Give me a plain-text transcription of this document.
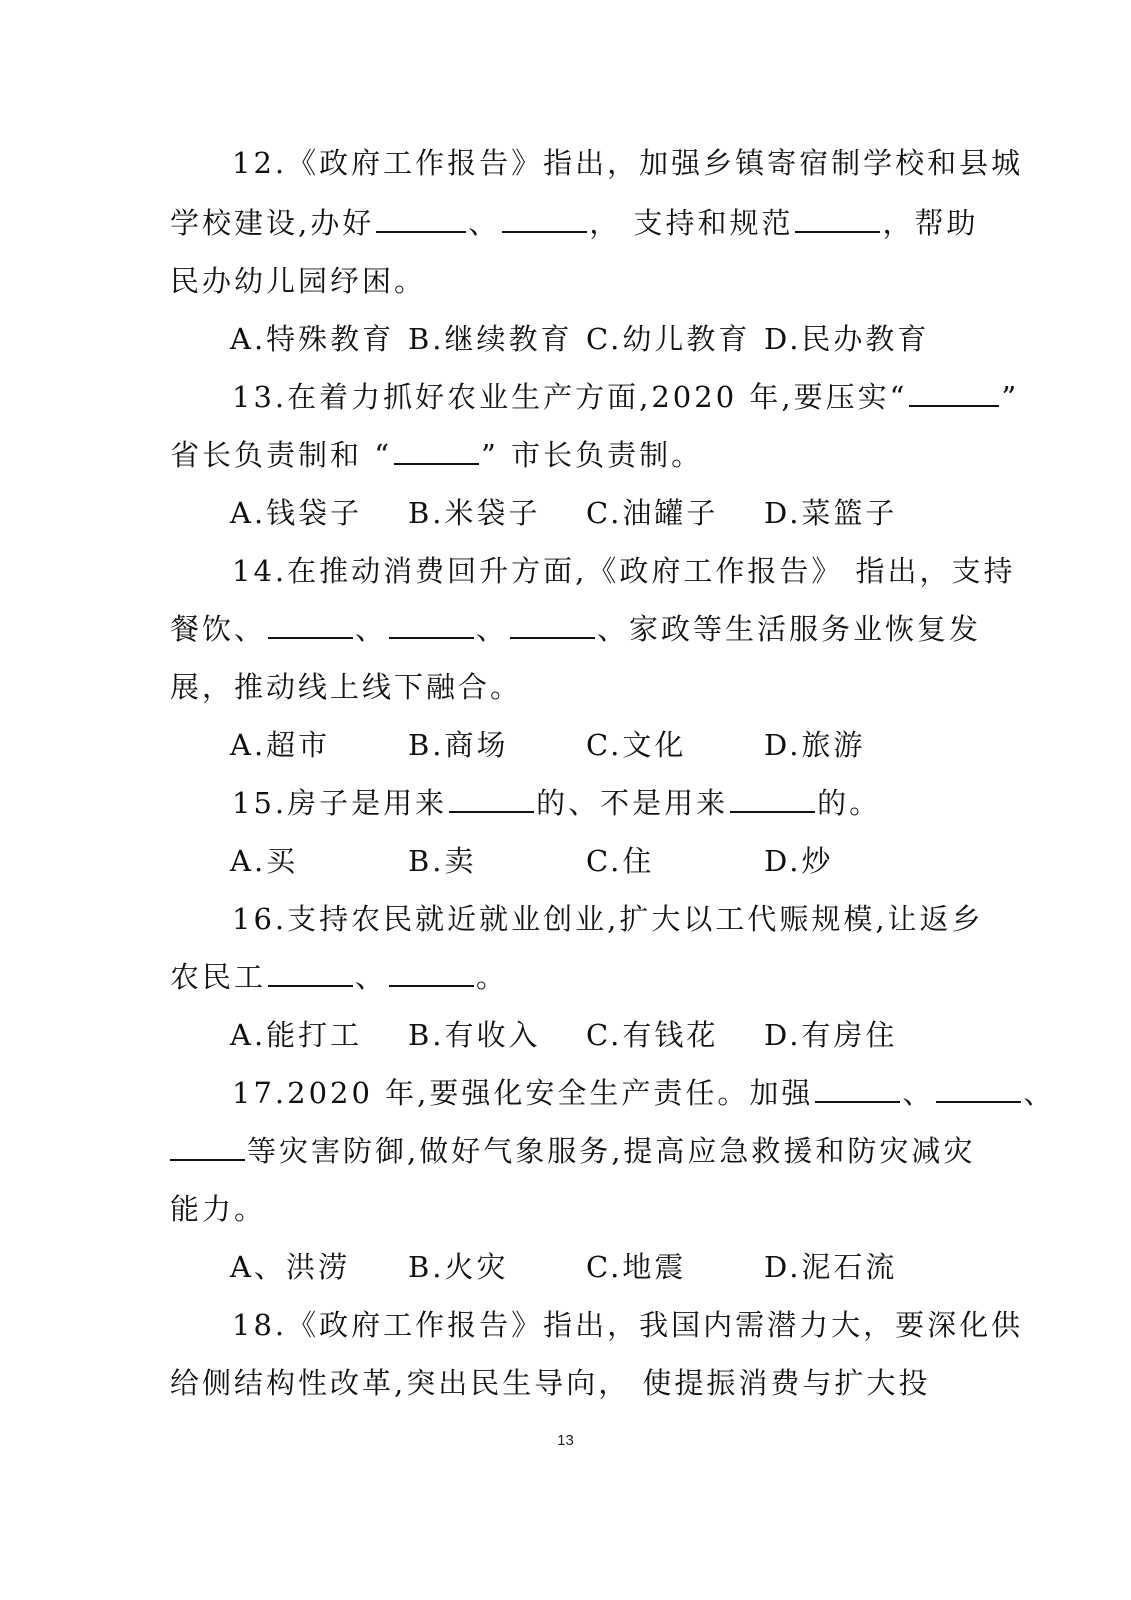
12.《政府工作报告》指出，加强乡镇寄宿制学校和县城
学校建设,办好	、	， 支持和规范	，帮助
民办幼儿园纾困。
A.特殊教育 B.继续教育 C.幼儿教育 D.民办教育
13.在着力抓好农业生产方面,2020 年,要压实“	”
省长负责制和 “	” 市长负责制。
A.钱袋子 B.米袋子 C.油罐子 D.菜篮子
14.在推动消费回升方面,《政府工作报告》 指出，支持
餐饮、	、	、	、家政等生活服务业恢复发
展，推动线上线下融合。
A.超市	B.商场	C.文化	D.旅游
15.房子是用来	的、不是用来	的。
A.买	B.卖	C.住	D.炒
16.支持农民就近就业创业,扩大以工代赈规模,让返乡
农民工	、	。
A.能打工 B.有收入 C.有钱花 D.有房住
17.2020 年,要强化安全生产责任。加强	、	、
等灾害防御,做好气象服务,提高应急救援和防灾减灾
能力。
A、洪涝 B.火灾	C.地震	D.泥石流
18.《政府工作报告》指出，我国内需潜力大，要深化供
给侧结构性改革,突出民生导向， 使提振消费与扩大投
13
